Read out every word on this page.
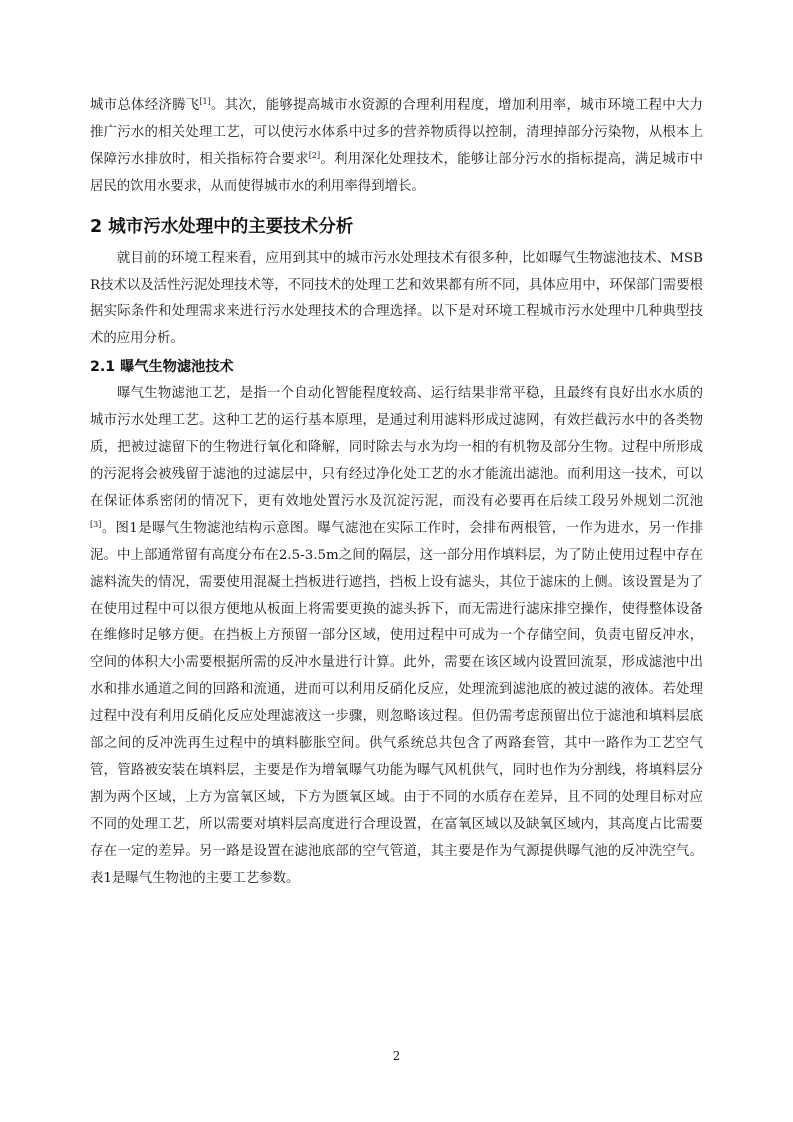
城市总体经济腾飞[1]。其次，能够提高城市水资源的合理利用程度，增加利用率，城市环境工程中大力推广污水的相关处理工艺，可以使污水体系中过多的营养物质得以控制，清理掉部分污染物，从根本上保障污水排放时，相关指标符合要求[2]。利用深化处理技术，能够让部分污水的指标提高，满足城市中居民的饮用水要求，从而使得城市水的利用率得到增长。

2 城市污水处理中的主要技术分析

就目前的环境工程来看，应用到其中的城市污水处理技术有很多种，比如曝气生物滤池技术、MSBR技术以及活性污泥处理技术等，不同技术的处理工艺和效果都有所不同，具体应用中，环保部门需要根据实际条件和处理需求来进行污水处理技术的合理选择。以下是对环境工程城市污水处理中几种典型技术的应用分析。

2.1 曝气生物滤池技术

曝气生物滤池工艺，是指一个自动化智能程度较高、运行结果非常平稳，且最终有良好出水水质的城市污水处理工艺。这种工艺的运行基本原理，是通过利用滤料形成过滤网，有效拦截污水中的各类物质，把被过滤留下的生物进行氧化和降解，同时除去与水为均一相的有机物及部分生物。过程中所形成的污泥将会被残留于滤池的过滤层中，只有经过净化处工艺的水才能流出滤池。而利用这一技术，可以在保证体系密闭的情况下，更有效地处置污水及沉淀污泥，而没有必要再在后续工段另外规划二沉池[3]。图1是曝气生物滤池结构示意图。曝气滤池在实际工作时，会排布两根管，一作为进水，另一作排泥。中上部通常留有高度分布在2.5-3.5m之间的隔层，这一部分用作填料层，为了防止使用过程中存在滤料流失的情况，需要使用混凝土挡板进行遮挡，挡板上设有滤头，其位于滤床的上侧。该设置是为了在使用过程中可以很方便地从板面上将需要更换的滤头拆下，而无需进行滤床排空操作，使得整体设备在维修时足够方便。在挡板上方预留一部分区域，使用过程中可成为一个存储空间，负责屯留反冲水，空间的体积大小需要根据所需的反冲水量进行计算。此外，需要在该区域内设置回流泵，形成滤池中出水和排水通道之间的回路和流通，进而可以利用反硝化反应，处理流到滤池底的被过滤的液体。若处理过程中没有利用反硝化反应处理滤液这一步骤，则忽略该过程。但仍需考虑预留出位于滤池和填料层底部之间的反冲洗再生过程中的填料膨胀空间。供气系统总共包含了两路套管，其中一路作为工艺空气管，管路被安装在填料层，主要是作为增氧曝气功能为曝气风机供气，同时也作为分割线，将填料层分割为两个区域，上方为富氧区域，下方为匮氧区域。由于不同的水质存在差异，且不同的处理目标对应不同的处理工艺，所以需要对填料层高度进行合理设置，在富氧区域以及缺氧区域内，其高度占比需要存在一定的差异。另一路是设置在滤池底部的空气管道，其主要是作为气源提供曝气池的反冲洗空气。表1是曝气生物池的主要工艺参数。

2
